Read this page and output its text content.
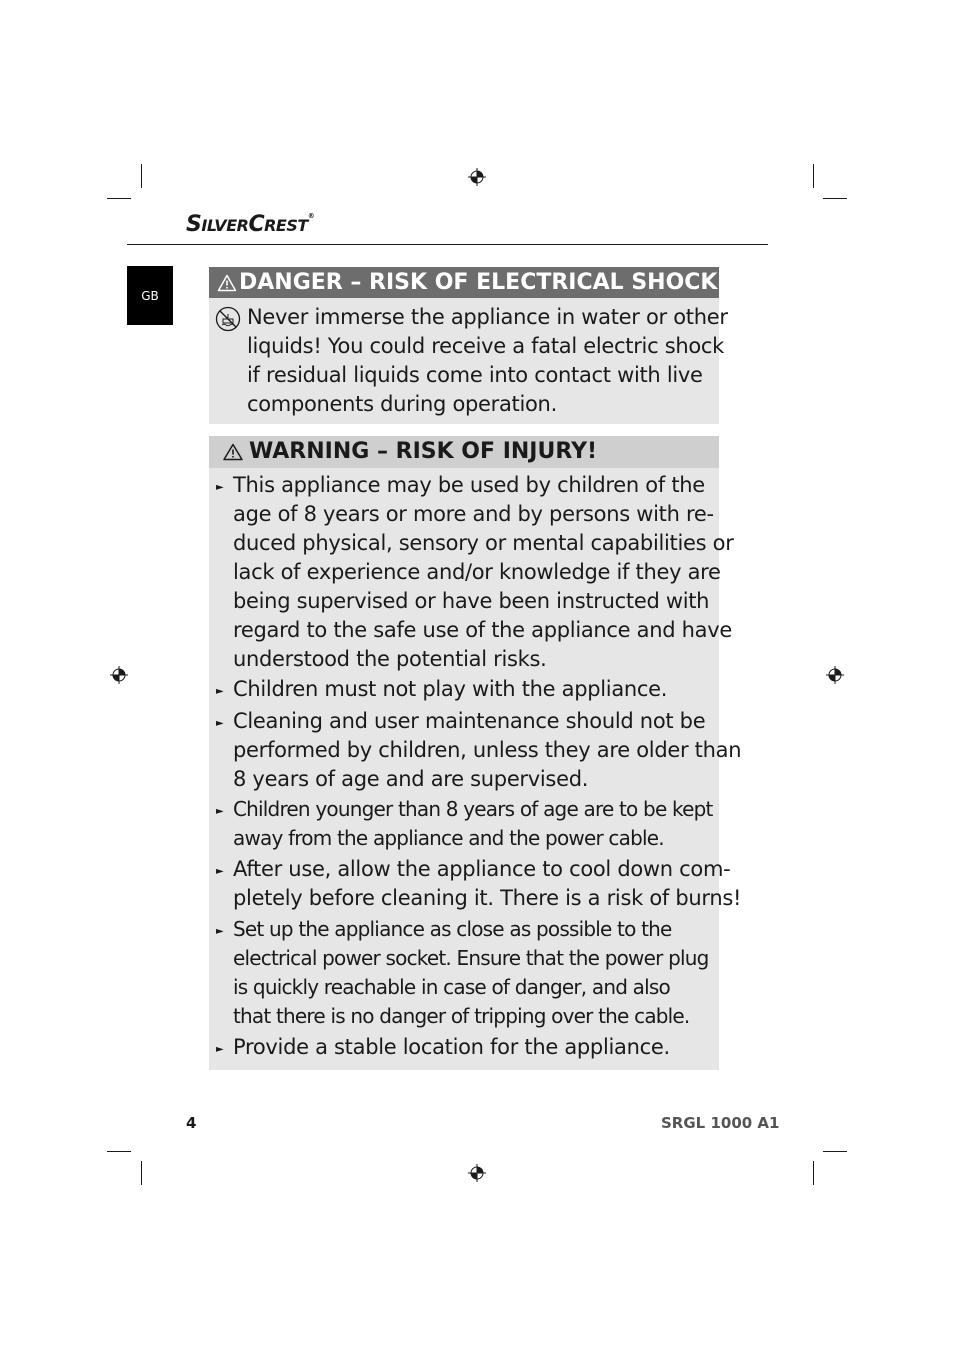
SILVERCREST®
GB
DANGER – RISK OF ELECTRICAL SHOCK!
Never immerse the appliance in water or other
liquids! You could receive a fatal electric shock
if residual liquids come into contact with live
components during operation.
WARNING – RISK OF INJURY!
► This appliance may be used by children of the
age of 8 years or more and by persons with re-
duced physical, sensory or mental capabilities or
lack of experience and/or knowledge if they are
being supervised or have been instructed with
regard to the safe use of the appliance and have
understood the potential risks.
► Children must not play with the appliance.
► Cleaning and user maintenance should not be
performed by children, unless they are older than
8 years of age and are supervised.
► Children younger than 8 years of age are to be kept
away from the appliance and the power cable.
► After use, allow the appliance to cool down com-
pletely before cleaning it. There is a risk of burns!
► Set up the appliance as close as possible to the
electrical power socket. Ensure that the power plug
is quickly reachable in case of danger, and also
that there is no danger of tripping over the cable.
► Provide a stable location for the appliance.
4	SRGL 1000 A1
